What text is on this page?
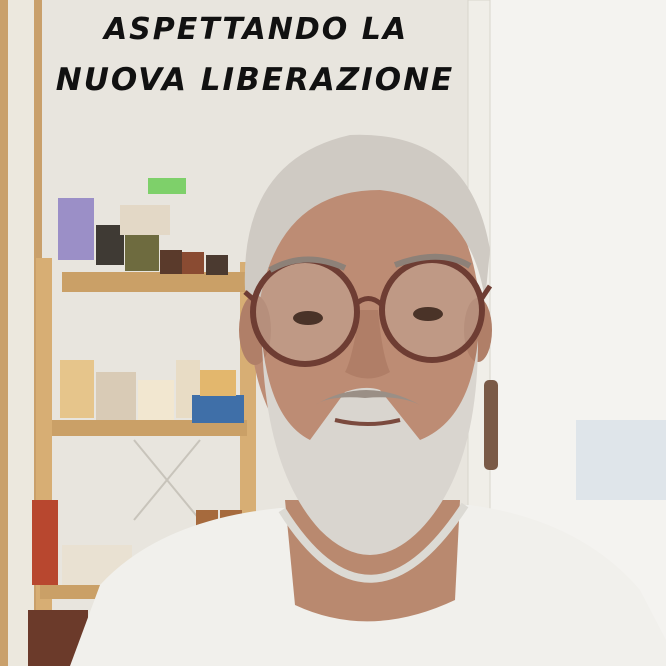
ASPETTANDO LA
NUOVA LIBERAZIONE
